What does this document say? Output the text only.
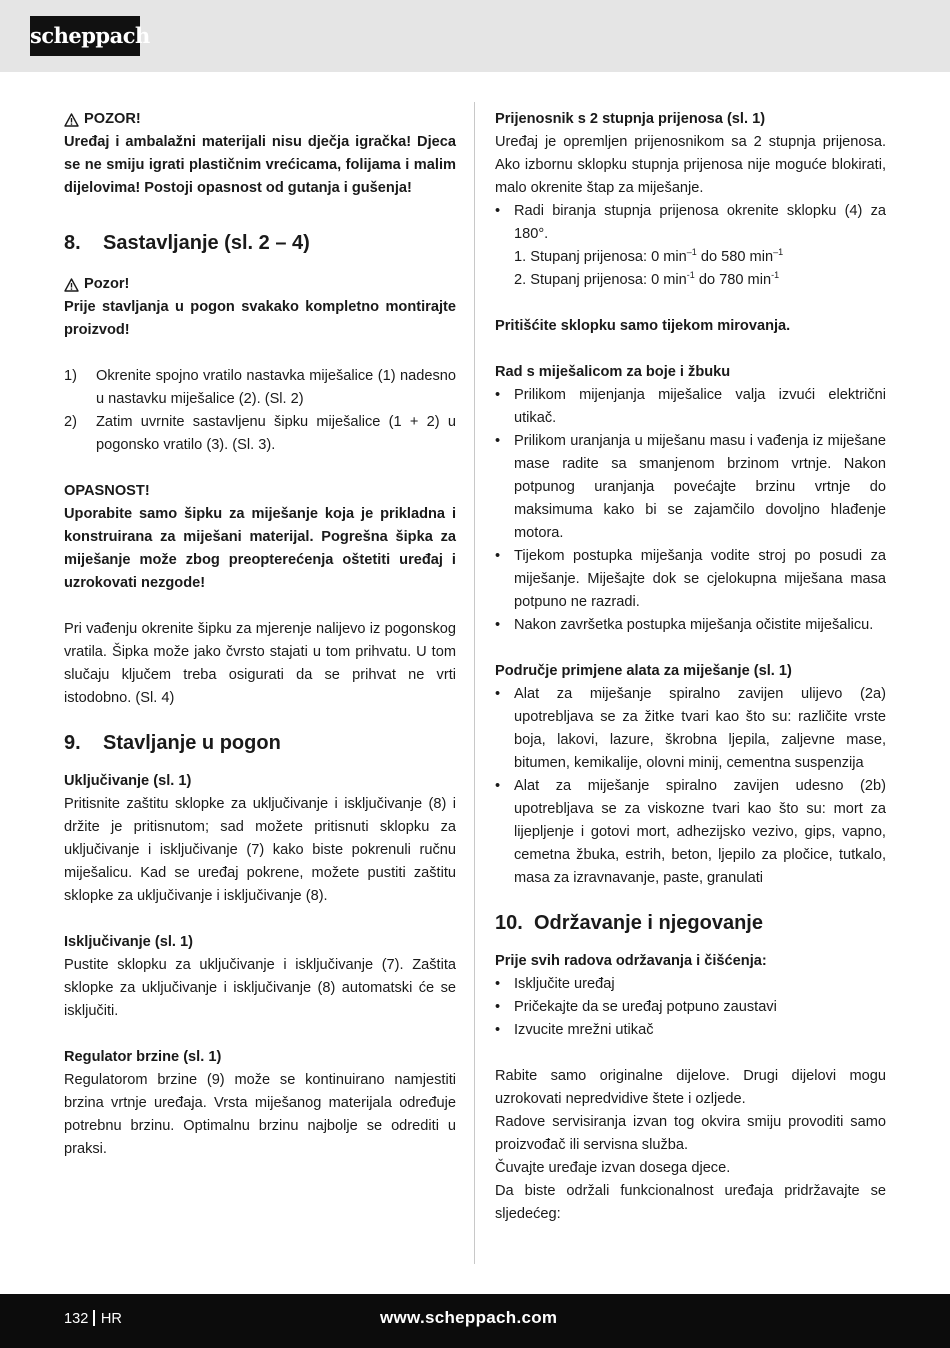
scheppach
POZOR!

Uređaj i ambalažni materijali nisu dječja igračka! Djeca se ne smiju igrati plastičnim vrećicama, folijama i malim dijelovima! Postoji opasnost od gutanja i gušenja!

8.	Sastavljanje (sl. 2 – 4)
Pozor!

Prije stavljanja u pogon svakako kompletno montirajte proizvod!

1)	Okrenite spojno vratilo nastavka miješalice (1) nadesno u nastavku miješalice (2). (Sl. 2)
2)	Zatim uvrnite sastavljenu šipku miješalice (1 + 2) u pogonsko vratilo (3). (Sl. 3).

OPASNOST!

Uporabite samo šipku za miješanje koja je prikladna i konstruirana za miješani materijal. Pogrešna šipka za miješanje može zbog preopterećenja oštetiti uređaj i uzrokovati nezgode!

Pri vađenju okrenite šipku za mjerenje nalijevo iz pogonskog vratila. Šipka može jako čvrsto stajati u tom prihvatu. U tom slučaju ključem treba osigurati da se prihvat ne vrti istodobno. (Sl. 4)

9.	Stavljanje u pogon

Uključivanje (sl. 1)

Pritisnite zaštitu sklopke za uključivanje i isključivanje (8) i držite je pritisnutom; sad možete pritisnuti sklopku za uključivanje i isključivanje (7) kako biste pokrenuli ručnu miješalicu. Kad se uređaj pokrene, možete pustiti zaštitu sklopke za uključivanje i isključivanje (8).

Isključivanje (sl. 1)

Pustite sklopku za uključivanje i isključivanje (7). Zaštita sklopke za uključivanje i isključivanje (8) automatski će se isključiti.

Regulator brzine (sl. 1)

Regulatorom brzine (9) može se kontinuirano namjestiti brzina vrtnje uređaja. Vrsta miješanog materijala određuje potrebnu brzinu. Optimalnu brzinu najbolje se odrediti u praksi.

Prijenosnik s 2 stupnja prijenosa (sl. 1)

Uređaj je opremljen prijenosnikom sa 2 stupnja prijenosa. Ako izbornu sklopku stupnja prijenosa nije moguće blokirati, malo okrenite štap za miješanje.

• Radi biranja stupnja prijenosa okrenite sklopku (4) za 180°.
1. Stupanj prijenosa: 0 $\min^{-1}$ do 580 $\min^{-1}$
2. Stupanj prijenosa: 0 $\min^{-1}$ do 780 $\min^{-1}$

Pritišćite sklopku samo tijekom mirovanja.

Rad s miješalicom za boje i žbuku

• Prilikom mijenjanja miješalice valja izvući električni utikač.
• Prilikom uranjanja u miješanu masu i vađenja iz miješane mase radite sa smanjenom brzinom vrtnje. Nakon potpunog uranjanja povećajte brzinu vrtnje do maksimuma kako bi se zajamčilo dovoljno hlađenje motora.
• Tijekom postupka miješanja vodite stroj po posudi za miješanje. Miješajte dok se cjelokupna miješana masa potpuno ne razradi.
• Nakon završetka postupka miješanja očistite miješalicu.

Područje primjene alata za miješanje (sl. 1)

• Alat za miješanje spiralno zavijen ulijevo (2a) upotrebljava se za žitke tvari kao što su: različite vrste boja, lakovi, lazure, škrobna ljepila, zaljevne mase, bitumen, kemikalije, olovni minij, cementna suspenzija
• Alat za miješanje spiralno zavijen udesno (2b) upotrebljava se za viskozne tvari kao što su: mort za lijepljenje i gotovi mort, adhezijsko vezivo, gips, vapno, cemetna žbuka, estrih, beton, ljepilo za pločice, tutkalo, masa za izravnavanje, paste, granulati
10. Održavanje i njegovanje

Prije svih radova održavanja i čišćenja:

• Isključite uređaj
• Pričekajte da se uređaj potpuno zaustavi
• Izvucite mrežni utikač

Rabite samo originalne dijelove. Drugi dijelovi mogu uzrokovati nepredvidive štete i ozljede.

Radove servisiranja izvan tog okvira smiju provoditi samo proizvođač ili servisna služba.

Čuvajte uređaje izvan dosega djece.

Da biste održali funkcionalnost uređaja pridržavajte se sljedećeg:

132 HR	www.scheppach.com
